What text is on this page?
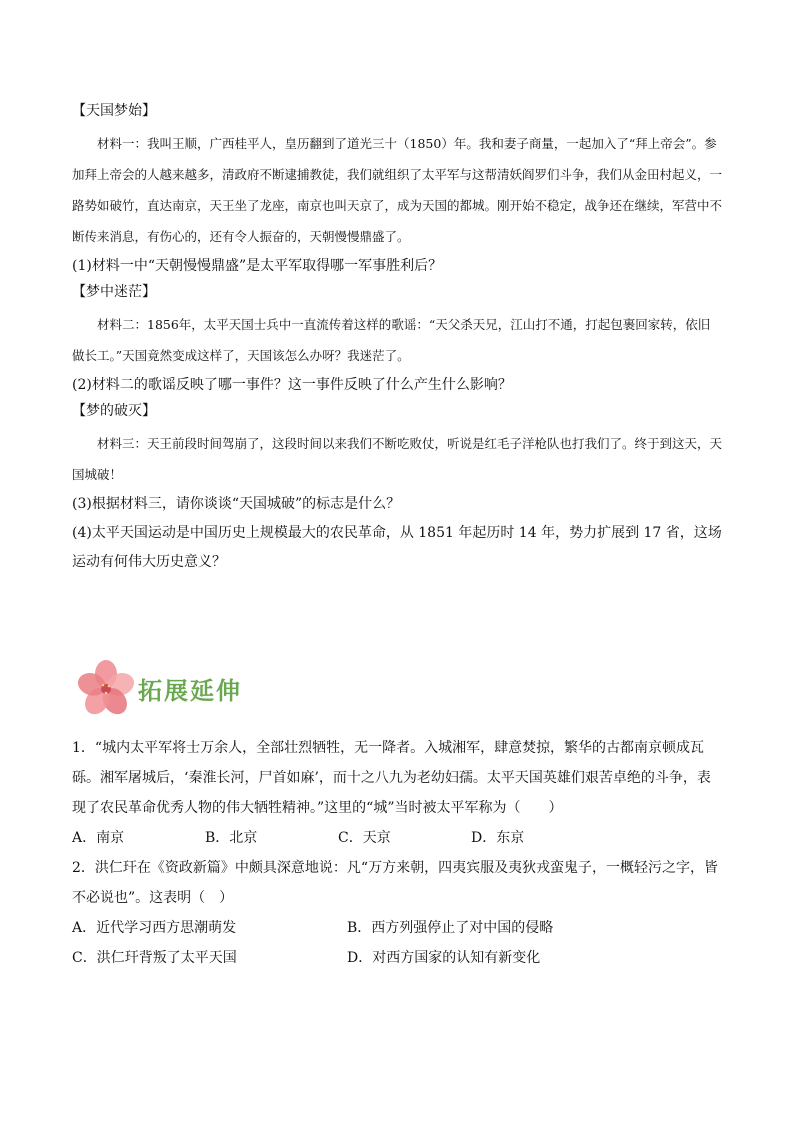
【天国梦始】

材料一：我叫王顺，广西桂平人，皇历翻到了道光三十（1850）年。我和妻子商量，一起加入了“拜上帝会”。参加拜上帝会的人越来越多，清政府不断逮捕教徒，我们就组织了太平军与这帮清妖阎罗们斗争，我们从金田村起义，一路势如破竹，直达南京，天王坐了龙座，南京也叫天京了，成为天国的都城。刚开始不稳定，战争还在继续，军营中不断传来消息，有伤心的，还有令人振奋的，天朝慢慢鼎盛了。

(1)材料一中“天朝慢慢鼎盛”是太平军取得哪一军事胜利后？

【梦中迷茫】

材料二：1856年，太平天国士兵中一直流传着这样的歌谣：“天父杀天兄，江山打不通，打起包裹回家转，依旧做长工。”天国竟然变成这样了，天国该怎么办呀？我迷茫了。

(2)材料二的歌谣反映了哪一事件？这一事件反映了什么产生什么影响？

【梦的破灭】

材料三：天王前段时间驾崩了，这段时间以来我们不断吃败仗，听说是红毛子洋枪队也打我们了。终于到这天，天国城破！

(3)根据材料三，请你谈谈“天国城破”的标志是什么？

(4)太平天国运动是中国历史上规模最大的农民革命，从 1851 年起历时 14 年，势力扩展到 17 省，这场运动有何伟大历史意义？

拓展延伸

1．“城内太平军将士万余人，全部壮烈牺牲，无一降者。入城湘军，肆意焚掠，繁华的古都南京顿成瓦砾。湘军屠城后，‘秦淮长河，尸首如麻’，而十之八九为老幼妇孺。太平天国英雄们艰苦卓绝的斗争，表现了农民革命优秀人物的伟大牺牲精神。”这里的“城”当时被太平军称为（　　）

A．南京	B．北京	C．天京	D．东京

2．洪仁玕在《资政新篇》中颇具深意地说：凡“万方来朝，四夷宾服及夷狄戎蛮鬼子，一概轻污之字，皆不必说也”。这表明（　）

A．近代学习西方思潮萌发	B．西方列强停止了对中国的侵略
C．洪仁玕背叛了太平天国	D．对西方国家的认知有新变化
